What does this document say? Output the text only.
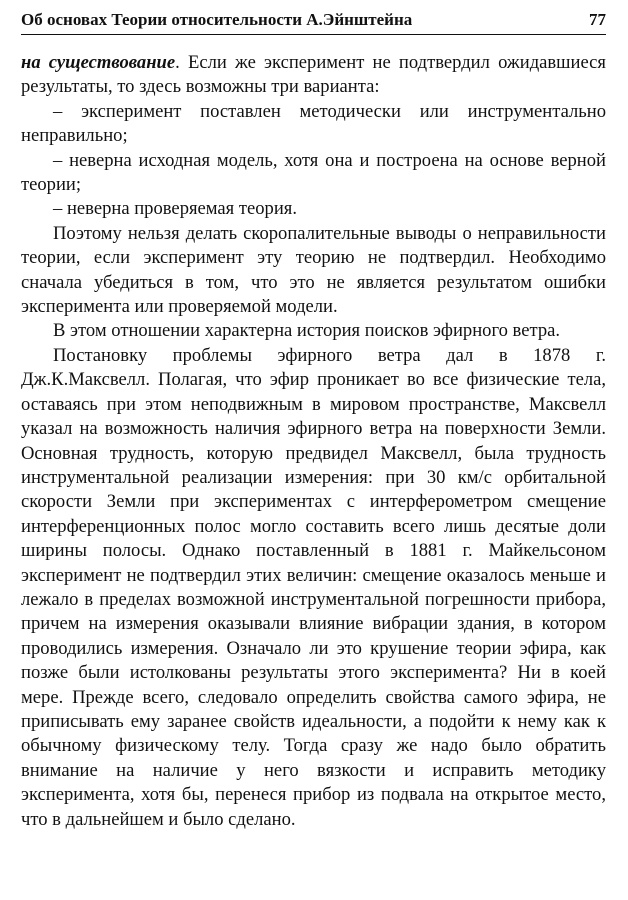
Об основах Теории относительности А.Эйнштейна	77

на существование. Если же эксперимент не подтвердил ожидавшиеся результаты, то здесь возможны три варианта:

– эксперимент поставлен методически или инструментально неправильно;

– неверна исходная модель, хотя она и построена на основе верной теории;

– неверна проверяемая теория.

Поэтому нельзя делать скоропалительные выводы о неправильности теории, если эксперимент эту теорию не подтвердил. Необходимо сначала убедиться в том, что это не является результатом ошибки эксперимента или проверяемой модели.

В этом отношении характерна история поисков эфирного ветра.

Постановку проблемы эфирного ветра дал в 1878 г.

Дж.К.Максвелл. Полагая, что эфир проникает во все физические тела, оставаясь при этом неподвижным в мировом пространстве, Максвелл указал на возможность наличия эфирного ветра на поверхности Земли. Основная трудность, которую предвидел Максвелл, была трудность инструментальной реализации измерения: при 30 км/с орбитальной скорости Земли при экспериментах с интерферометром смещение интерференционных полос могло составить всего лишь десятые доли ширины полосы. Однако поставленный в 1881 г. Майкельсоном эксперимент не подтвердил этих величин: смещение оказалось меньше и лежало в пределах возможной инструментальной погрешности прибора, причем на измерения оказывали влияние вибрации здания, в котором проводились измерения. Означало ли это крушение теории эфира, как позже были истолкованы результаты этого эксперимента? Ни в коей мере. Прежде всего, следовало определить свойства самого эфира, не приписывать ему заранее свойств идеальности, а подойти к нему как к обычному физическому телу. Тогда сразу же надо было обратить внимание на наличие у него вязкости и исправить методику эксперимента, хотя бы, перенеся прибор из подвала на открытое место, что в дальнейшем и было сделано.
